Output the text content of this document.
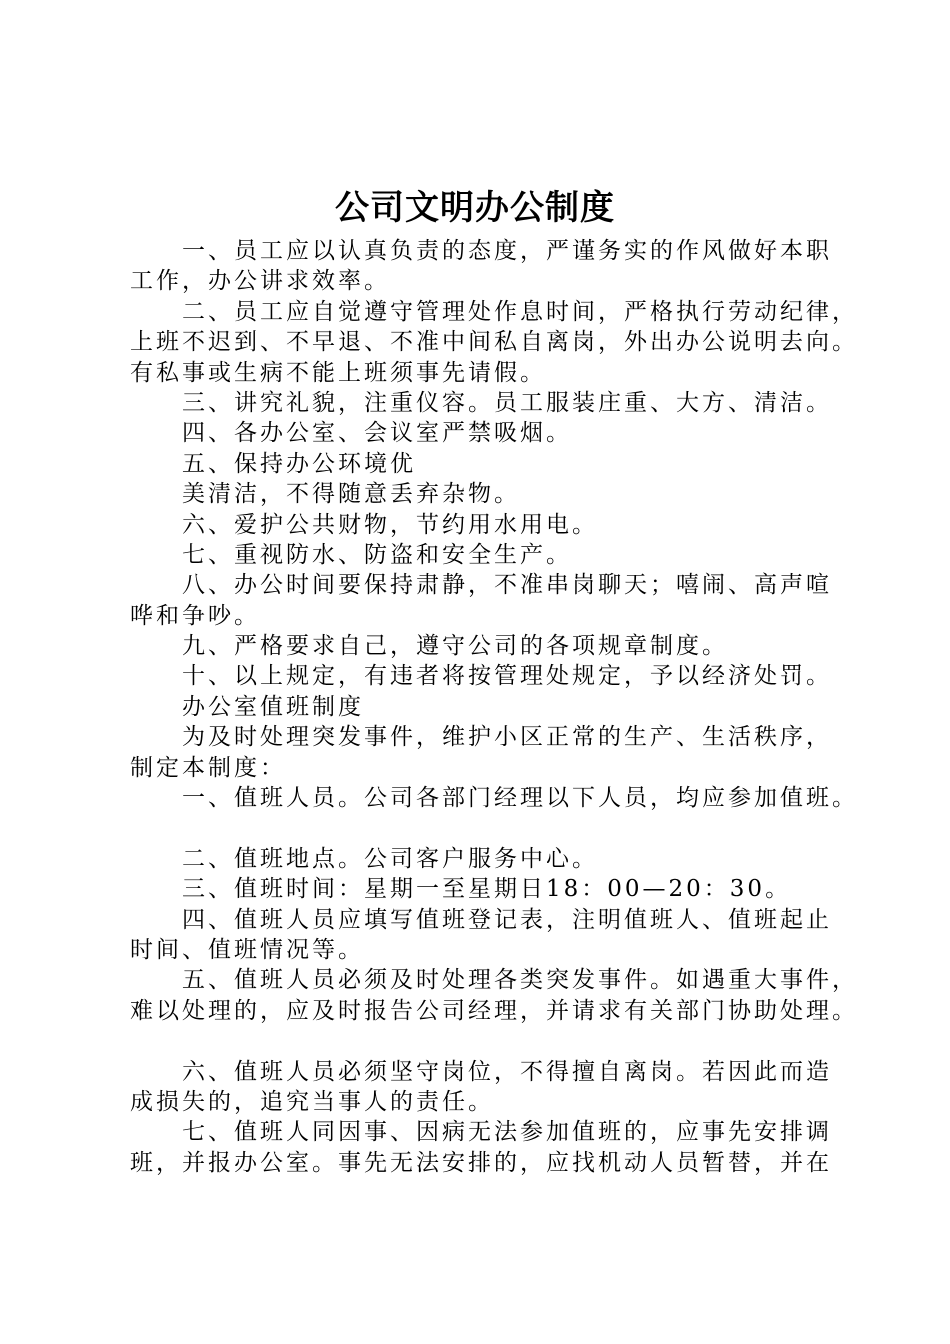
公司文明办公制度
一、员工应以认真负责的态度，严谨务实的作风做好本职
工作，办公讲求效率。
二、员工应自觉遵守管理处作息时间，严格执行劳动纪律，
上班不迟到、不早退、不准中间私自离岗，外出办公说明去向。
有私事或生病不能上班须事先请假。
三、讲究礼貌，注重仪容。员工服装庄重、大方、清洁。
四、各办公室、会议室严禁吸烟。
五、保持办公环境优
美清洁，不得随意丢弃杂物。
六、爱护公共财物，节约用水用电。
七、重视防水、防盗和安全生产。
八、办公时间要保持肃静，不准串岗聊天；嘻闹、高声喧
哗和争吵。
九、严格要求自己，遵守公司的各项规章制度。
十、以上规定，有违者将按管理处规定，予以经济处罚。
办公室值班制度
为及时处理突发事件，维护小区正常的生产、生活秩序，
制定本制度：
一、值班人员。公司各部门经理以下人员，均应参加值班。
二、值班地点。公司客户服务中心。
三、值班时间：星期一至星期日18：00—20：30。
四、值班人员应填写值班登记表，注明值班人、值班起止
时间、值班情况等。
五、值班人员必须及时处理各类突发事件。如遇重大事件，
难以处理的，应及时报告公司经理，并请求有关部门协助处理。
六、值班人员必须坚守岗位，不得擅自离岗。若因此而造
成损失的，追究当事人的责任。
七、值班人同因事、因病无法参加值班的，应事先安排调
班，并报办公室。事先无法安排的，应找机动人员暂替，并在
